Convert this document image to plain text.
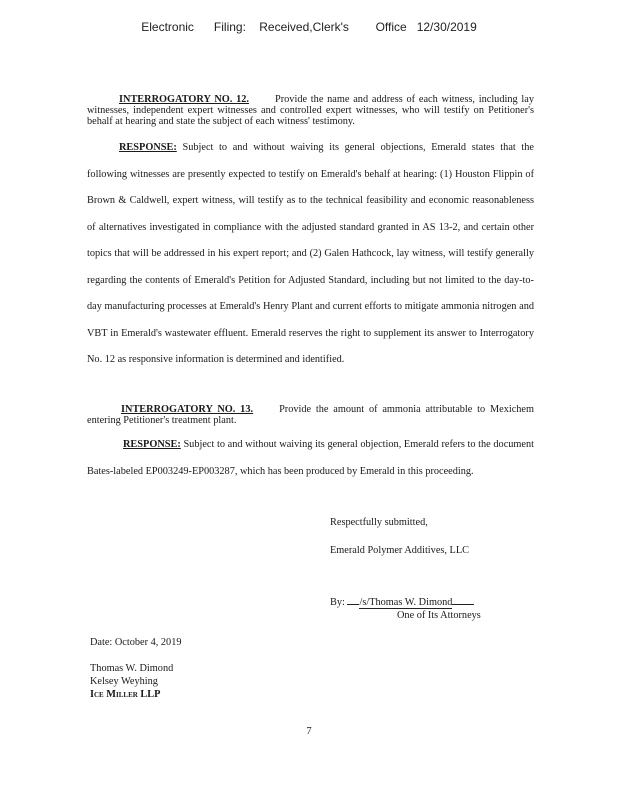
Electronic      Filing:    Received,Clerk's        Office   12/30/2019

INTERROGATORY NO. 12.	Provide the name and address of each witness, including lay witnesses, independent expert witnesses and controlled expert witnesses, who will testify on Petitioner's behalf at hearing and state the subject of each witness' testimony.

RESPONSE: Subject to and without waiving its general objections, Emerald states that the following witnesses are presently expected to testify on Emerald's behalf at hearing: (1) Houston Flippin of Brown & Caldwell, expert witness, will testify as to the technical feasibility and economic reasonableness of alternatives investigated in compliance with the adjusted standard granted in AS 13-2, and certain other topics that will be addressed in his expert report; and (2) Galen Hathcock, lay witness, will testify generally regarding the contents of Emerald's Petition for Adjusted Standard, including but not limited to the day-to-day manufacturing processes at Emerald's Henry Plant and current efforts to mitigate ammonia nitrogen and VBT in Emerald's wastewater effluent. Emerald reserves the right to supplement its answer to Interrogatory No. 12 as responsive information is determined and identified.

INTERROGATORY NO. 13.	Provide the amount of ammonia attributable to Mexichem entering Petitioner's treatment plant.

RESPONSE: Subject to and without waiving its general objection, Emerald refers to the document Bates-labeled EP003249-EP003287, which has been produced by Emerald in this proceeding.

Respectfully submitted,
Emerald Polymer Additives, LLC
By: /s/Thomas W. Dimond
One of Its Attorneys
Date: October 4, 2019
Thomas W. Dimond
Kelsey Weyhing
Ice Miller LLP
7
